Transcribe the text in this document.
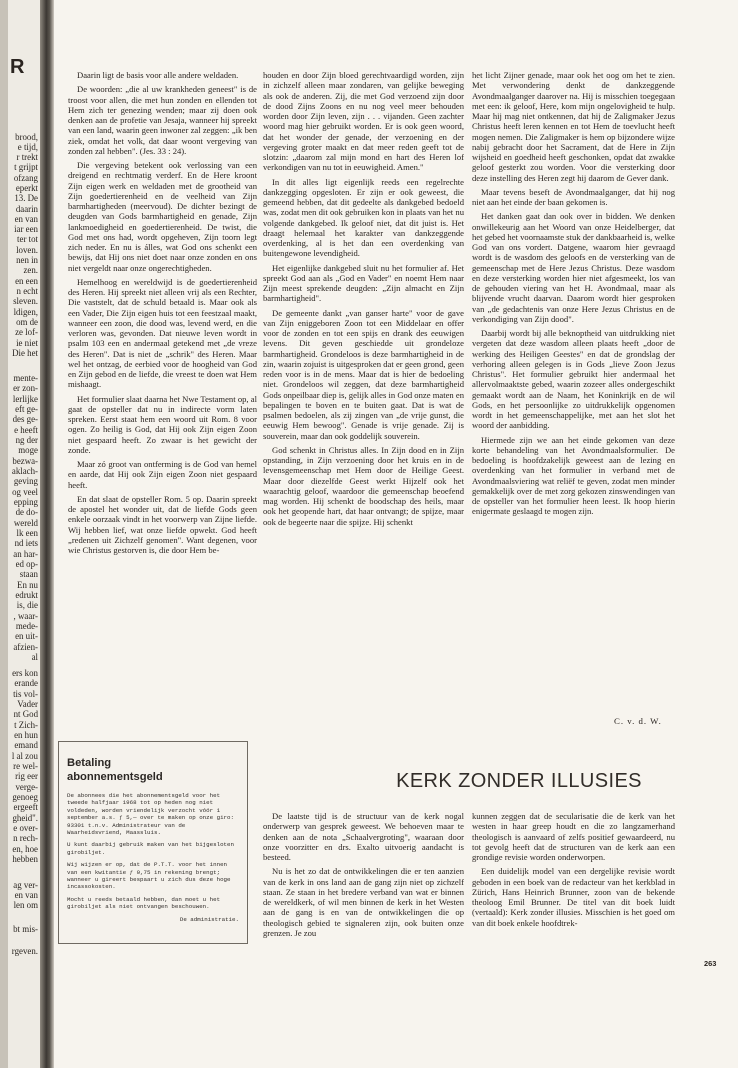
R
brood,
e tijd,
r trekt
t grijpt
ofzang
eperkt
13. De
daarin
en van
iar een
ter tot
loven.
nen in
zen.
en een
n echt
sleven.
ldigen,
om de
ze lof-
ie niet
Die het
mente-
er zon-
lerlijke
eft ge-
des ge-
e heeft
ng der
moge
bezwa-
aklach-
geving
og veel
epping
de do-
wereld
lk een
nd iets
an har-
ed op-
staan
En nu
edrukt
is, die
, waar-
mede-
en uit-
afzien-
al
ers kon
erande
tis vol-
Vader
nt God
t Zich-
en hun
emand
l al zou
re wel-
rig eer
verge-
genoeg
ergeeft
gheid".
e over-
n rech-
en, hoe
hebben
ag ver-
en van
len om
bt mis-
rgeven.

Daarin ligt de basis voor alle andere weldaden.

De woorden: „die al uw krankheden geneest" is de troost voor allen, die met hun zonden en ellenden tot Hem zich ter genezing wenden; maar zij doen ook denken aan de profetie van Jesaja, wanneer hij spreekt van een land, waarin geen inwoner zal zeggen: „ik ben ziek, omdat het volk, dat daar woont vergeving van zonden zal hebben". (Jes. 33 : 24).

Die vergeving betekent ook verlossing van een dreigend en rechtmatig verderf. En de Here kroont Zijn eigen werk en weldaden met de grootheid van Zijn goedertierenheid en de veelheid van Zijn barmhartigheden (meervoud). De dichter bezingt de deugden van Gods barmhartigheid en genade, Zijn lankmoedigheid en goedertierenheid. De twist, die God met ons had, wordt opgeheven, Zijn toorn legt zich neder. En nu is álles, wat God ons schenkt een bewijs, dat Hij ons niet doet naar onze zonden en ons niet vergeldt naar onze ongerechtigheden.

Hemelhoog en wereldwijd is de goedertierenheid des Heren. Hij spreekt niet alleen vrij als een Rechter, Die vaststelt, dat de schuld betaald is. Maar ook als een Vader, Die Zijn eigen huis tot een feestzaal maakt, wanneer een zoon, die dood was, levend werd, en die verloren was, gevonden. Dat nieuwe leven wordt in psalm 103 een en andermaal getekend met „de vreze des Heren". Dat is niet de „schrik" des Heren. Maar wel het ontzag, de eerbied voor de hoogheid van God en Zijn gebod en de liefde, die vreest te doen wat Hem mishaagt.

Het formulier slaat daarna het Nwe Testament op, al gaat de opsteller dat nu in indirecte vorm laten spreken. Eerst staat hem een woord uit Rom. 8 voor ogen. Zo heilig is God, dat Hij ook Zijn eigen Zoon niet gespaard heeft. Zo zwaar is het gewicht der zonde.

Maar zó groot van ontferming is de God van hemel en aarde, dat Hij ook Zijn eigen Zoon niet gespaard heeft.

En dat slaat de opsteller Rom. 5 op. Daarin spreekt de apostel het wonder uit, dat de liefde Gods geen enkele oorzaak vindt in het voorwerp van Zijne liefde. Wij hebben lief, wat onze liefde opwekt. God heeft „redenen uit Zichzelf genomen". Want degenen, voor wie Christus gestorven is, die door Hem be-

houden en door Zijn bloed gerechtvaardigd worden, zijn in zichzelf alleen maar zondaren, van gelijke beweging als ook de anderen. Zij, die met God verzoend zijn door de dood Zijns Zoons en nu nog veel meer behouden worden door Zijn leven, zijn . . . vijanden. Geen zachter woord mag hier gebruikt worden. Er is ook geen woord, dat het wonder der genade, der verzoening en der vergeving groter maakt en dat meer reden geeft tot de slotzin: „daarom zal mijn mond en hart des Heren lof verkondigen van nu tot in eeuwigheid. Amen."

In dit alles ligt eigenlijk reeds een regelrechte dankzegging opgesloten. Er zijn er ook geweest, die gemeend hebben, dat dit gedeelte als dankgebed bedoeld was, zodat men dit ook gebruiken kon in plaats van het nu volgende dankgebed. Ik geloof niet, dat dit juist is. Het draagt helemaal het karakter van dankzeggende overdenking, al is het dan een overdenking van buitengewone levendigheid.

Het eigenlijke dankgebed sluit nu het formulier af. Het spreekt God aan als „God en Vader" en noemt Hem naar Zijn meest sprekende deugden: „Zijn almacht en Zijn barmhartigheid".

De gemeente dankt „van ganser harte" voor de gave van Zijn eniggeboren Zoon tot een Middelaar en offer voor de zonden en tot een spijs en drank des eeuwigen levens. Dit geven geschiedde uit grondeloze barmhartigheid. Grondeloos is deze barmhartigheid in de zin, waarin zojuist is uitgesproken dat er geen grond, geen reden voor is in de mens. Maar dat is hier de bedoeling niet. Grondeloos wil zeggen, dat deze barmhartigheid Gods onpeilbaar diep is, gelijk alles in God onze maten en bepalingen te boven en te buiten gaat. Dat is wat de psalmen bedoelen, als zij zingen van „de vrije gunst, die eeuwig Hem bewoog". Genade is vrije genade. Zij is souverein, maar dan ook goddelijk souverein.

God schenkt in Christus alles. In Zijn dood en in Zijn opstanding, in Zijn verzoening door het kruis en in de levensgemeenschap met Hem door de Heilige Geest. Maar door diezelfde Geest werkt Hijzelf ook het waarachtig geloof, waardoor die gemeenschap beoefend mag worden. Hij schenkt de boodschap des heils, maar ook het geopende hart, dat haar ontvangt; de spijze, maar ook de begeerte naar die spijze. Hij schenkt

het licht Zijner genade, maar ook het oog om het te zien. Met verwondering denkt de dankzeggende Avondmaalganger daarover na. Hij is misschien toegegaan met een: ik geloof, Here, kom mijn ongelovigheid te hulp. Maar hij mag niet ontkennen, dat hij de Zaligmaker Jezus Christus heeft leren kennen en tot Hem de toevlucht heeft mogen nemen. Die Zaligmaker is hem op bijzondere wijze nabij gebracht door het Sacrament, dat de Here in Zijn wijsheid en goedheid heeft geschonken, opdat dat zwakke geloof gesterkt zou worden. Voor die versterking door deze instelling des Heren zegt hij daarom de Gever dank.

Maar tevens beseft de Avondmaalganger, dat hij nog niet aan het einde der baan gekomen is.

Het danken gaat dan ook over in bidden. We denken onwillekeurig aan het Woord van onze Heidelberger, dat het gebed het voornaamste stuk der dankbaarheid is, welke God van ons vordert. Datgene, waarom hier gevraagd wordt is de wasdom des geloofs en de versterking van de gemeenschap met de Here Jezus Christus. Deze wasdom en deze versterking worden hier niet afgesmeekt, los van de gehouden viering van het H. Avondmaal, maar als blijvende vrucht daarvan. Daarom wordt hier gesproken van „de gedachtenis van onze Here Jezus Christus en de verkondiging van Zijn dood".

Daarbij wordt bij alle beknoptheid van uitdrukking niet vergeten dat deze wasdom alleen plaats heeft „door de werking des Heiligen Geestes" en dat de grondslag der verhoring alleen gelegen is in Gods „lieve Zoon Jezus Christus". Het formulier gebruikt hier andermaal het allervolmaaktste gebed, waarin zozeer alles ondergeschikt gemaakt wordt aan de Naam, het Koninkrijk en de wil Gods, en het persoonlijke zo uitdrukkelijk opgenomen wordt in het gemeenschappelijke, met aan het slot het woord der aanbidding.

Hiermede zijn we aan het einde gekomen van deze korte behandeling van het Avondmaalsformulier. De bedoeling is hoofdzakelijk geweest aan de lezing en overdenking van het formulier in verband met de Avondmaalsviering wat reliëf te geven, zodat men minder gemakkelijk over de met zorg gekozen zinswendingen van de opsteller van het formulier heen leest. Ik hoop hierin enigermate geslaagd te mogen zijn.

C. v. d. W.
KERK ZONDER ILLUSIES

De laatste tijd is de structuur van de kerk nogal onderwerp van gesprek geweest. We behoeven maar te denken aan de nota „Schaalvergroting", waaraan door onze voorzitter en drs. Exalto uitvoerig aandacht is besteed.

Nu is het zo dat de ontwikkelingen die er ten aanzien van de kerk in ons land aan de gang zijn niet op zichzelf staan. Ze staan in het bredere verband van wat er binnen de wereldkerk, of wil men binnen de kerk in het Westen aan de gang is en van de ontwikkelingen die op theologisch gebied te signaleren zijn, ook buiten onze grenzen. Je zou

kunnen zeggen dat de secularisatie die de kerk van het westen in haar greep houdt en die zo langzamerhand theologisch is aanvaard of zelfs positief gewaardeerd, nu tot gevolg heeft dat de structuren van de kerk aan een grondige revisie worden onderworpen.

Een duidelijk model van een dergelijke revisie wordt geboden in een boek van de redacteur van het kerkblad in Zürich, Hans Heinrich Brunner, zoon van de bekende theoloog Emil Brunner. De titel van dit boek luidt (vertaald): Kerk zonder illusies. Misschien is het goed om van dit boek enkele hoofdtrek-

263

Betaling

abonnementsgeld

De abonnees die het abonnementsgeld voor het tweede halfjaar 1968 tot op heden nog niet voldeden, worden vriendelijk verzocht vóór 1 september a.s. ƒ 5,— over te maken op onze giro: 93301 t.n.v. Administrateur van de Waarheidsvriend, Maassluis.

U kunt daarbij gebruik maken van het bijgesloten girobiljet.

Wij wijzen er op, dat de P.T.T. voor het innen van een kwitantie ƒ 0,75 in rekening brengt; wanneer u gireert bespaart u zich dus deze hoge incassokosten.

Mocht u reeds betaald hebben, dan moet u het girobiljet als niet ontvangen beschouwen.

De administratie.
